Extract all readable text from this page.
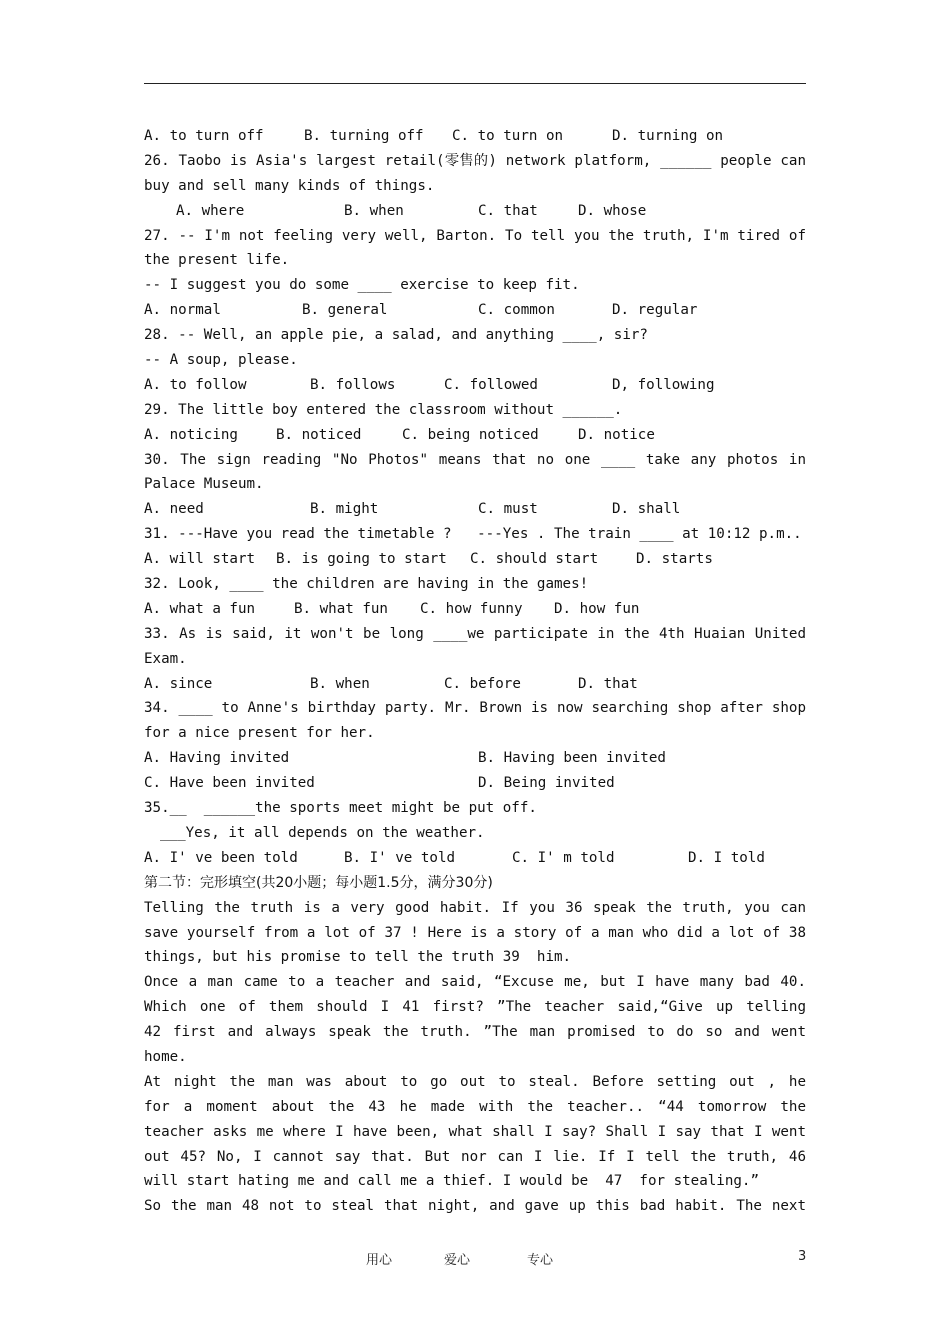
A. to turn off	B. turning off C. to turn on	D. turning on
26. Taobo is Asia's largest retail(零售的) network platform, ______ people can
buy and sell many kinds of things.
A. where	B. when	C. that	D. whose
27. -- I'm not feeling very well, Barton. To tell you the truth, I'm tired of
the present life.
-- I suggest you do some ____ exercise to keep fit.
A. normal	B. general	C. common	D. regular
28. -- Well, an apple pie, a salad, and anything ____, sir?
-- A soup, please.
A. to follow	B. follows	C. followed	D, following
29. The little boy entered the classroom without ______.
A. noticing	B. noticed	C. being noticed	D. notice
30. The sign reading "No Photos" means that no one ____ take any photos in
Palace Museum.
A. need	B. might	C. must	D. shall
31. ---Have you read the timetable ?   ---Yes . The train ____ at 10:12 p.m..
A. will start B. is going to start C. should start	D. starts
32. Look, ____ the children are having in the games!
A. what a fun	B. what fun C. how funny D. how fun
33. As is said, it won't be long ____we participate in the 4th Huaian United
Exam.
A. since	B. when	C. before	D. that
34. ____ to Anne's birthday party. Mr. Brown is now searching shop after shop
for a nice present for her.
A. Having invited	B. Having been invited
C. Have been invited	D. Being invited
35.__  ______the sports meet might be put off.
___Yes, it all depends on the weather.
A. I' ve been told	B. I' ve told	C. I' m told	D. I told
第二节：完形填空(共20小题；每小题1.5分，满分30分)
Telling the truth is a very good habit. If you 36 speak the truth, you can
save yourself from a lot of 37 ! Here is a story of a man who did a lot of 38
things, but his promise to tell the truth 39  him.
Once a man came to a teacher and said, “Excuse me, but I have many bad 40.
Which one of them should I 41 first? ”The teacher said,“Give up telling
42 first and always speak the truth. ”The man promised to do so and went
home.
At night the man was about to go out to steal. Before setting out , he
for a moment about the 43 he made with the teacher.. “44 tomorrow the
teacher asks me where I have been, what shall I say? Shall I say that I went
out 45? No, I cannot say that. But nor can I lie. If I tell the truth, 46
will start hating me and call me a thief. I would be  47  for stealing.”
So the man 48 not to steal that night, and gave up this bad habit. The next
用心	爱心	专心	3
